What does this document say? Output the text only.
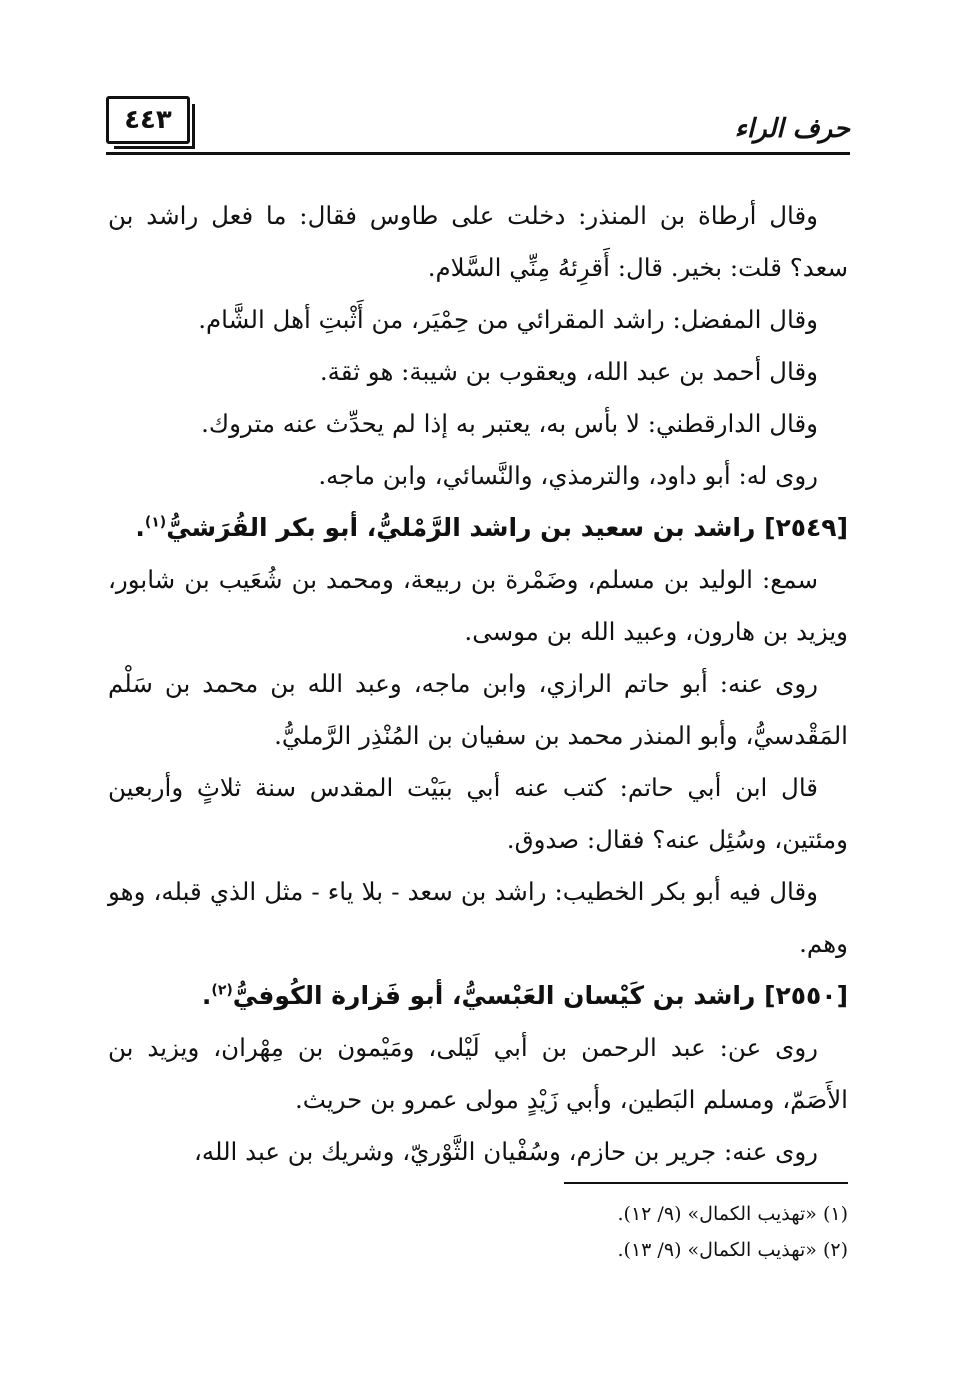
٤٤٣	حرف الراء

وقال أرطاة بن المنذر: دخلت على طاوس فقال: ما فعل راشد بن سعد؟ قلت: بخير. قال: أَقرِئهُ مِنِّي السَّلام.

وقال المفضل: راشد المقرائي من حِمْيَر، من أَثْبتِ أهل الشَّام.

وقال أحمد بن عبد الله، ويعقوب بن شيبة: هو ثقة.

وقال الدارقطني: لا بأس به، يعتبر به إذا لم يحدِّث عنه متروك.

روى له: أبو داود، والترمذي، والنَّسائي، وابن ماجه.

[٢٥٤٩] راشد بن سعيد بن راشد الرَّمْليُّ، أبو بكر القُرَشيُّ$^{(١)}$.

سمع: الوليد بن مسلم، وضَمْرة بن ربيعة، ومحمد بن شُعَيب بن شابور، ويزيد بن هارون، وعبيد الله بن موسى.

روى عنه: أبو حاتم الرازي، وابن ماجه، وعبد الله بن محمد بن سَلْم المَقْدسيُّ، وأبو المنذر محمد بن سفيان بن المُنْذِر الرَّمليُّ.

قال ابن أبي حاتم: كتب عنه أبي ببَيْت المقدس سنة ثلاثٍ وأربعين ومئتين، وسُئِل عنه؟ فقال: صدوق.

وقال فيه أبو بكر الخطيب: راشد بن سعد - بلا ياء - مثل الذي قبله، وهو وهم.

[٢٥٥٠] راشد بن كَيْسان العَبْسيُّ، أبو فَزارة الكُوفيُّ$^{(٢)}$.

روى عن: عبد الرحمن بن أبي لَيْلى، ومَيْمون بن مِهْران، ويزيد بن الأَصَمّ، ومسلم البَطين، وأبي زَيْدٍ مولى عمرو بن حريث.

روى عنه: جرير بن حازم، وسُفْيان الثَّوْريّ، وشريك بن عبد الله،

(١) «تهذيب الكمال» (٩/ ١٢).

(٢) «تهذيب الكمال» (٩/ ١٣).
